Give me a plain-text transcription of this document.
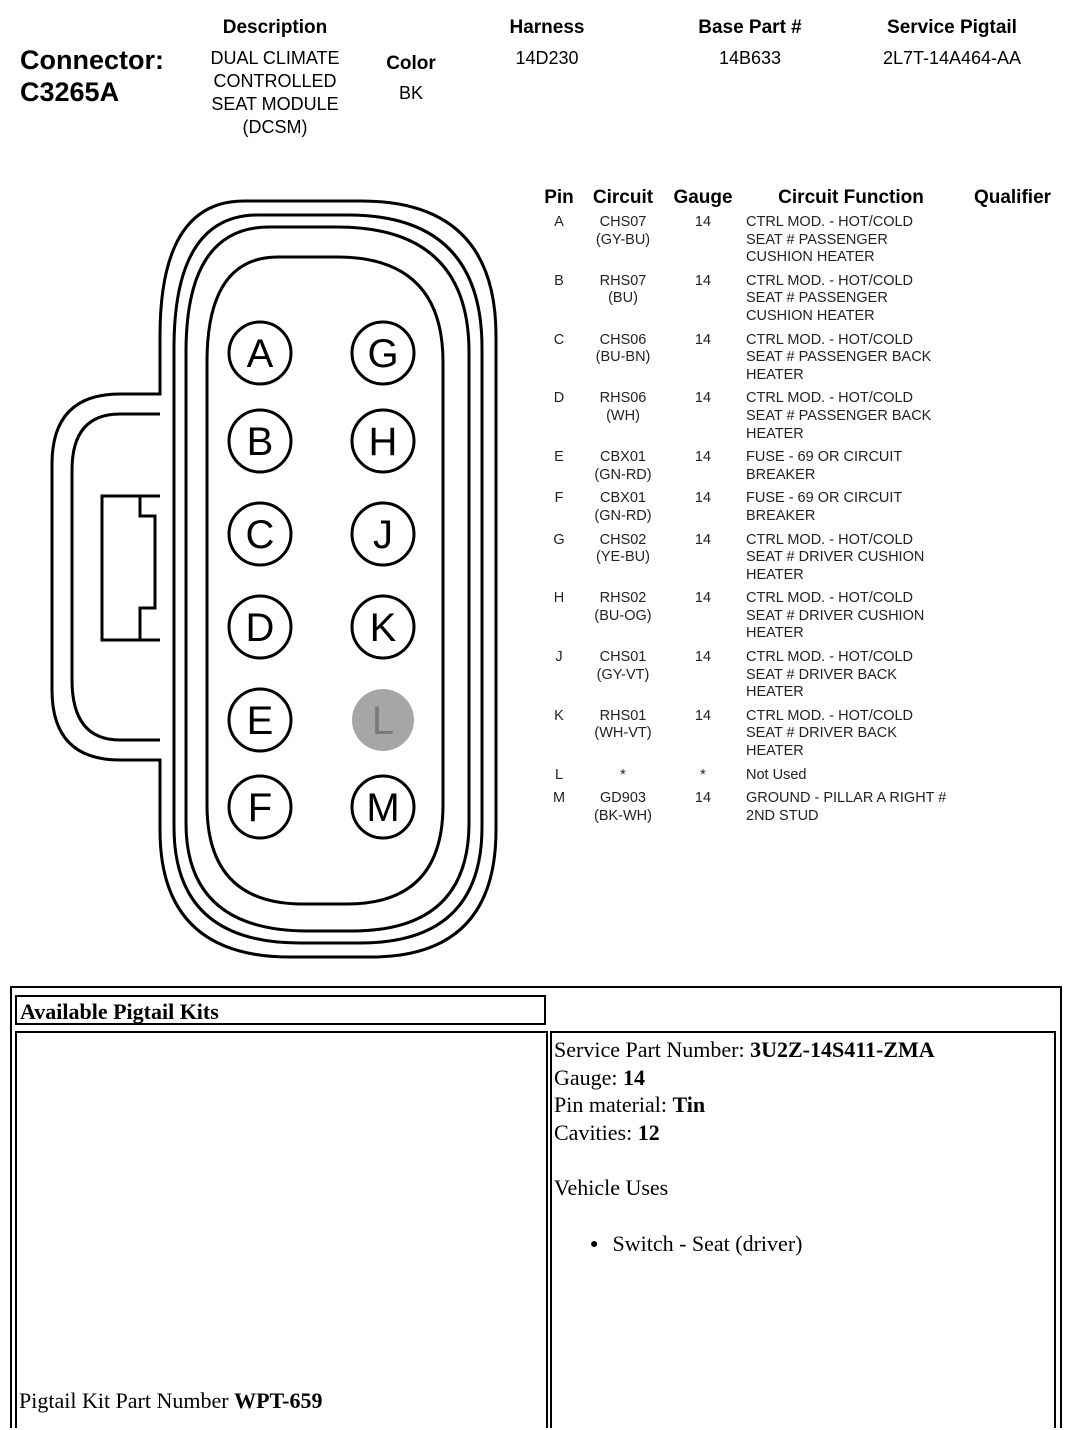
Connector:
C3265A
Description
DUAL CLIMATE
CONTROLLED
SEAT MODULE
(DCSM)
Color
BK
Harness
14D230
Base Part #
14B633
Service Pigtail
2L7T-14A464-AA
A
B
C
D
E
F
G
H
J
K
L
M
Pin	Circuit	Gauge	Circuit Function	Qualifier
A	CHS07
(GY-BU)	14	CTRL MOD. - HOT/COLD
SEAT # PASSENGER
CUSHION HEATER	
B	RHS07
(BU)	14	CTRL MOD. - HOT/COLD
SEAT # PASSENGER
CUSHION HEATER	
C	CHS06
(BU-BN)	14	CTRL MOD. - HOT/COLD
SEAT # PASSENGER BACK
HEATER	
D	RHS06
(WH)	14	CTRL MOD. - HOT/COLD
SEAT # PASSENGER BACK
HEATER	
E	CBX01
(GN-RD)	14	FUSE - 69 OR CIRCUIT
BREAKER	
F	CBX01
(GN-RD)	14	FUSE - 69 OR CIRCUIT
BREAKER	
G	CHS02
(YE-BU)	14	CTRL MOD. - HOT/COLD
SEAT # DRIVER CUSHION
HEATER	
H	RHS02
(BU-OG)	14	CTRL MOD. - HOT/COLD
SEAT # DRIVER CUSHION
HEATER	
J	CHS01
(GY-VT)	14	CTRL MOD. - HOT/COLD
SEAT # DRIVER BACK
HEATER	
K	RHS01
(WH-VT)	14	CTRL MOD. - HOT/COLD
SEAT # DRIVER BACK
HEATER	
L	*	*	Not Used	
M	GD903
(BK-WH)	14	GROUND - PILLAR A RIGHT #
2ND STUD	
Available Pigtail Kits
Pigtail Kit Part Number WPT-659
Service Part Number: 3U2Z-14S411-ZMA
Gauge: 14
Pin material: Tin
Cavities: 12
Vehicle Uses
● Switch - Seat (driver)
